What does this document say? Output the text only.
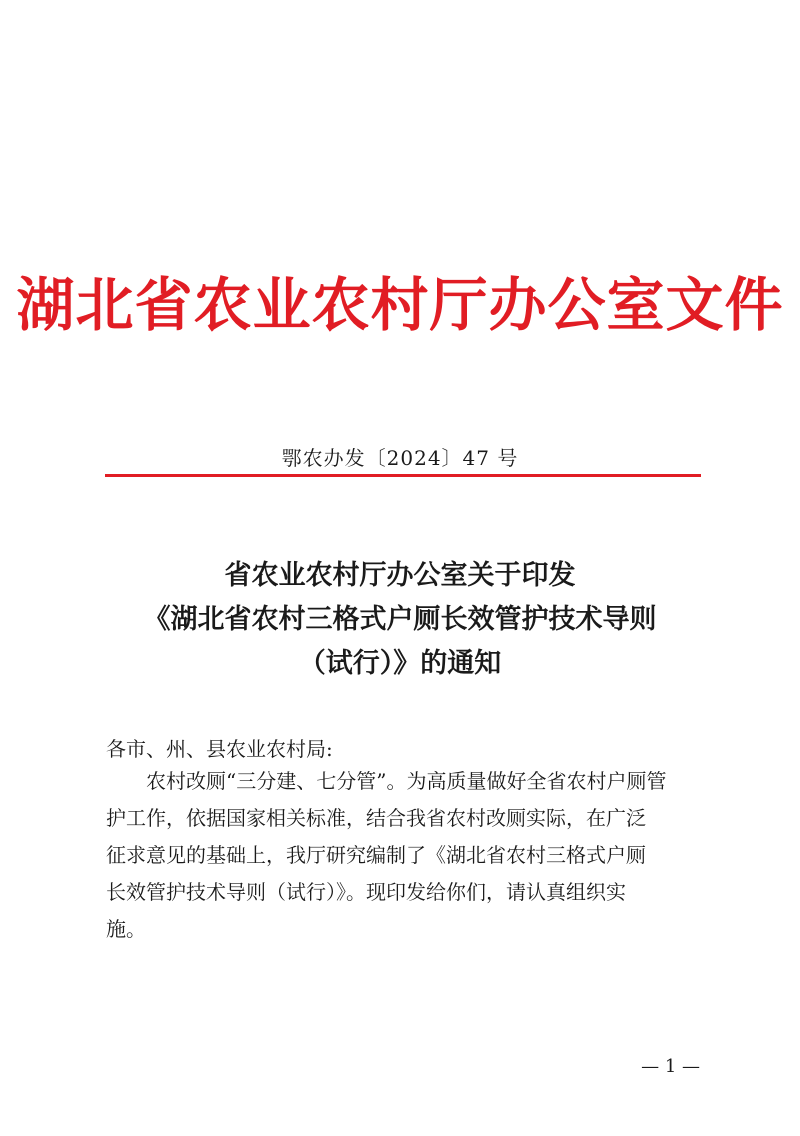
湖北省农业农村厅办公室文件
鄂农办发〔2024〕47 号
省农业农村厅办公室关于印发
《湖北省农村三格式户厕长效管护技术导则
（试行）》的通知
各市、州、县农业农村局:
农村改厕“三分建、七分管”。为高质量做好全省农村户厕管
护工作，依据国家相关标准，结合我省农村改厕实际，在广泛
征求意见的基础上，我厅研究编制了《湖北省农村三格式户厕
长效管护技术导则（试行）》。现印发给你们，请认真组织实
施。
— 1 —
